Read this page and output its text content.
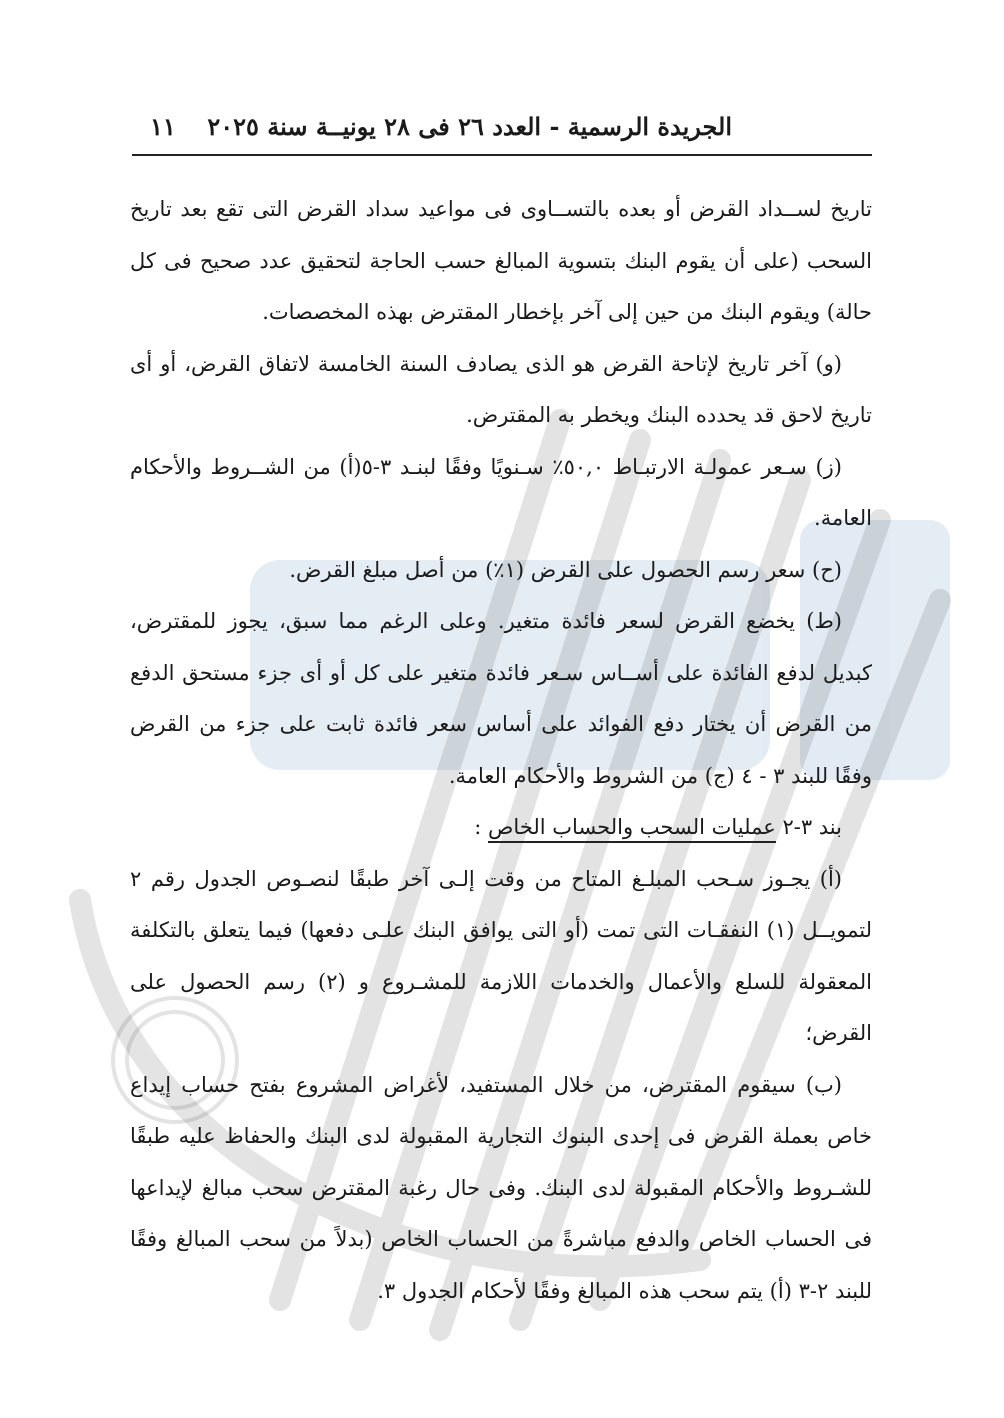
الجريدة الرسمية - العدد ٢٦ فى ٢٨ يونيــة سنة ٢٠٢٥
١١

تاريخ لســداد القرض أو بعده بالتســاوى فى مواعيد سداد القرض التى تقع بعد تاريخ السحب (على أن يقوم البنك بتسوية المبالغ حسب الحاجة لتحقيق عدد صحيح فى كل حالة) ويقوم البنك من حين إلى آخر بإخطار المقترض بهذه المخصصات.

(و) آخر تاريخ لإتاحة القرض هو الذى يصادف السنة الخامسة لاتفاق القرض، أو أى تاريخ لاحق قد يحدده البنك ويخطر به المقترض.

(ز) سـعر عمولـة الارتبـاط ٥٠,٠٪ سـنويًا وفقًا لبنـد ٣-٥(أ) من الشــروط والأحكام العامة.

(ح) سعر رسم الحصول على القرض (١٪) من أصل مبلغ القرض.

(ط) يخضع القرض لسعر فائدة متغير. وعلى الرغم مما سبق، يجوز للمقترض، كبديل لدفع الفائدة على أســاس سـعر فائدة متغير على كل أو أى جزء مستحق الدفع من القرض أن يختار دفع الفوائد على أساس سعر فائدة ثابت على جزء من القرض وفقًا للبند ٣ - ٤ (ج) من الشروط والأحكام العامة.

بند ٣-٢ عمليات السحب والحساب الخاص :

(أ) يجـوز سـحب المبلـغ المتاح من وقت إلـى آخر طبقًا لنصـوص الجدول رقم ٢ لتمويــل (١) النفقـات التى تمت (أو التى يوافق البنك علـى دفعها) فيما يتعلق بالتكلفة المعقولة للسلع والأعمال والخدمات اللازمة للمشـروع و (٢) رسم الحصول على القرض؛

(ب) سيقوم المقترض، من خلال المستفيد، لأغراض المشروع بفتح حساب إيداع خاص بعملة القرض فى إحدى البنوك التجارية المقبولة لدى البنك والحفاظ عليه طبقًا للشـروط والأحكام المقبولة لدى البنك. وفى حال رغبة المقترض سحب مبالغ لإيداعها فى الحساب الخاص والدفع مباشرةً من الحساب الخاص (بدلاً من سحب المبالغ وفقًا للبند ٢-٣ (أ) يتم سحب هذه المبالغ وفقًا لأحكام الجدول ٣.
